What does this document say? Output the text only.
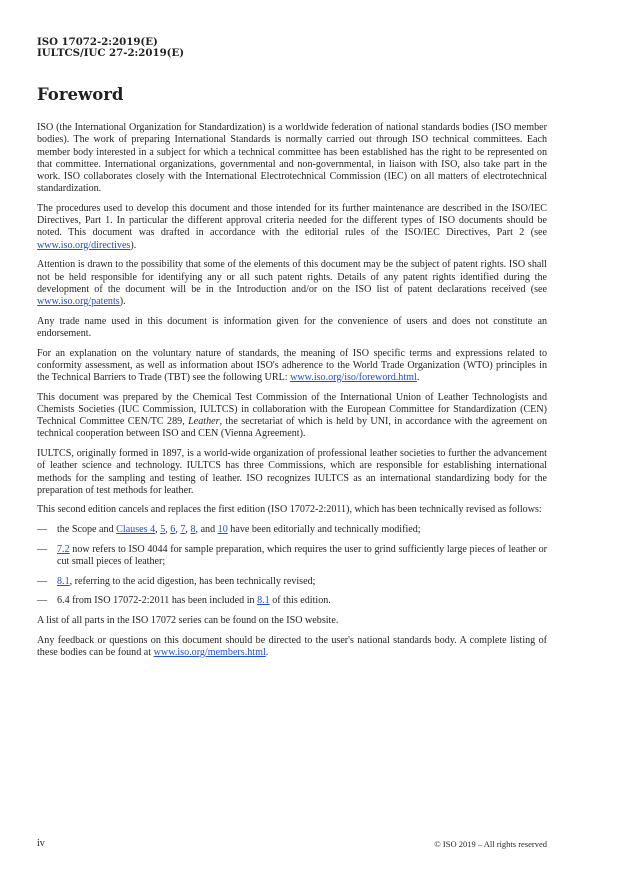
ISO 17072-2:2019(E)
IULTCS/IUC 27-2:2019(E)
Foreword

ISO (the International Organization for Standardization) is a worldwide federation of national standards bodies (ISO member bodies). The work of preparing International Standards is normally carried out through ISO technical committees. Each member body interested in a subject for which a technical committee has been established has the right to be represented on that committee. International organizations, governmental and non-governmental, in liaison with ISO, also take part in the work. ISO collaborates closely with the International Electrotechnical Commission (IEC) on all matters of electrotechnical standardization.

The procedures used to develop this document and those intended for its further maintenance are described in the ISO/IEC Directives, Part 1. In particular the different approval criteria needed for the different types of ISO documents should be noted. This document was drafted in accordance with the editorial rules of the ISO/IEC Directives, Part 2 (see www.iso.org/directives).

Attention is drawn to the possibility that some of the elements of this document may be the subject of patent rights. ISO shall not be held responsible for identifying any or all such patent rights. Details of any patent rights identified during the development of the document will be in the Introduction and/or on the ISO list of patent declarations received (see www.iso.org/patents).

Any trade name used in this document is information given for the convenience of users and does not constitute an endorsement.

For an explanation on the voluntary nature of standards, the meaning of ISO specific terms and expressions related to conformity assessment, as well as information about ISO's adherence to the World Trade Organization (WTO) principles in the Technical Barriers to Trade (TBT) see the following URL: www.iso.org/iso/foreword.html.

This document was prepared by the Chemical Test Commission of the International Union of Leather Technologists and Chemists Societies (IUC Commission, IULTCS) in collaboration with the European Committee for Standardization (CEN) Technical Committee CEN/TC 289, Leather, the secretariat of which is held by UNI, in accordance with the agreement on technical cooperation between ISO and CEN (Vienna Agreement).

IULTCS, originally formed in 1897, is a world-wide organization of professional leather societies to further the advancement of leather science and technology. IULTCS has three Commissions, which are responsible for establishing international methods for the sampling and testing of leather. ISO recognizes IULTCS as an international standardizing body for the preparation of test methods for leather.

This second edition cancels and replaces the first edition (ISO 17072-2:2011), which has been technically revised as follows:

— the Scope and Clauses 4, 5, 6, 7, 8, and 10 have been editorially and technically modified;
— 7.2 now refers to ISO 4044 for sample preparation, which requires the user to grind sufficiently large pieces of leather or cut small pieces of leather;
— 8.1, referring to the acid digestion, has been technically revised;
— 6.4 from ISO 17072-2:2011 has been included in 8.1 of this edition.

A list of all parts in the ISO 17072 series can be found on the ISO website.

Any feedback or questions on this document should be directed to the user's national standards body. A complete listing of these bodies can be found at www.iso.org/members.html.

iv	© ISO 2019 – All rights reserved
